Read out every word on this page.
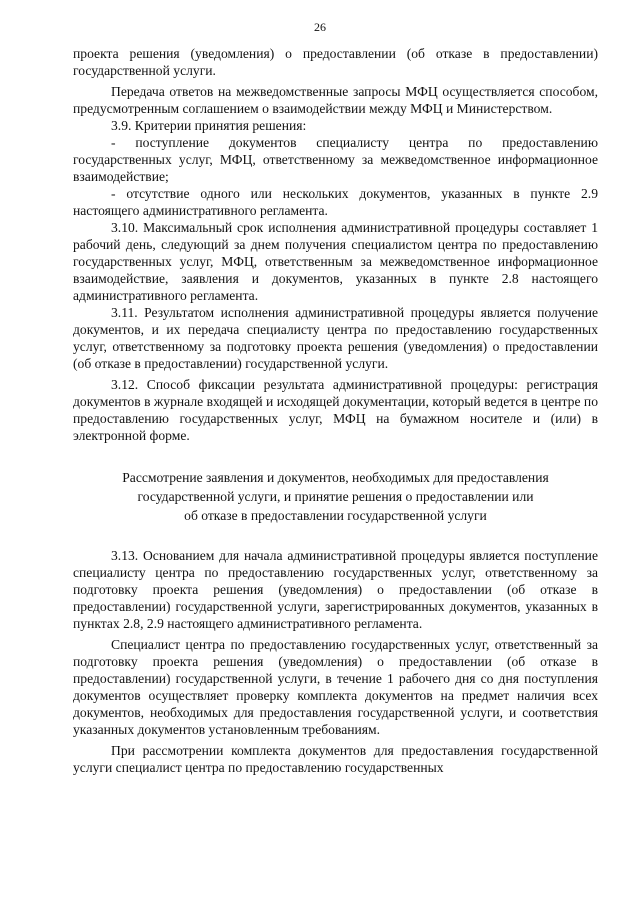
26

проекта решения (уведомления) о предоставлении (об отказе в предоставлении) государственной услуги.

Передача ответов на межведомственные запросы МФЦ осуществляется способом, предусмотренным соглашением о взаимодействии между МФЦ и Министерством.

3.9. Критерии принятия решения:

- поступление документов специалисту центра по предоставлению государственных услуг, МФЦ, ответственному за межведомственное информационное взаимодействие;

- отсутствие одного или нескольких документов, указанных в пункте 2.9 настоящего административного регламента.

3.10. Максимальный срок исполнения административной процедуры составляет 1 рабочий день, следующий за днем получения специалистом центра по предоставлению государственных услуг, МФЦ, ответственным за межведомственное информационное взаимодействие, заявления и документов, указанных в пункте 2.8 настоящего административного регламента.

3.11. Результатом исполнения административной процедуры является получение документов, и их передача специалисту центра по предоставлению государственных услуг, ответственному за подготовку проекта решения (уведомления) о предоставлении (об отказе в предоставлении) государственной услуги.

3.12. Способ фиксации результата административной процедуры: регистрация документов в журнале входящей и исходящей документации, который ведется в центре по предоставлению государственных услуг, МФЦ на бумажном носителе и (или) в электронной форме.

Рассмотрение заявления и документов, необходимых для предоставления
государственной услуги, и принятие решения о предоставлении или
об отказе в предоставлении государственной услуги

3.13. Основанием для начала административной процедуры является поступление специалисту центра по предоставлению государственных услуг, ответственному за подготовку проекта решения (уведомления) о предоставлении (об отказе в предоставлении) государственной услуги, зарегистрированных документов, указанных в пунктах 2.8, 2.9 настоящего административного регламента.

Специалист центра по предоставлению государственных услуг, ответственный за подготовку проекта решения (уведомления) о предоставлении (об отказе в предоставлении) государственной услуги, в течение 1 рабочего дня со дня поступления документов осуществляет проверку комплекта документов на предмет наличия всех документов, необходимых для предоставления государственной услуги, и соответствия указанных документов установленным требованиям.

При рассмотрении комплекта документов для предоставления государственной услуги специалист центра по предоставлению государственных
